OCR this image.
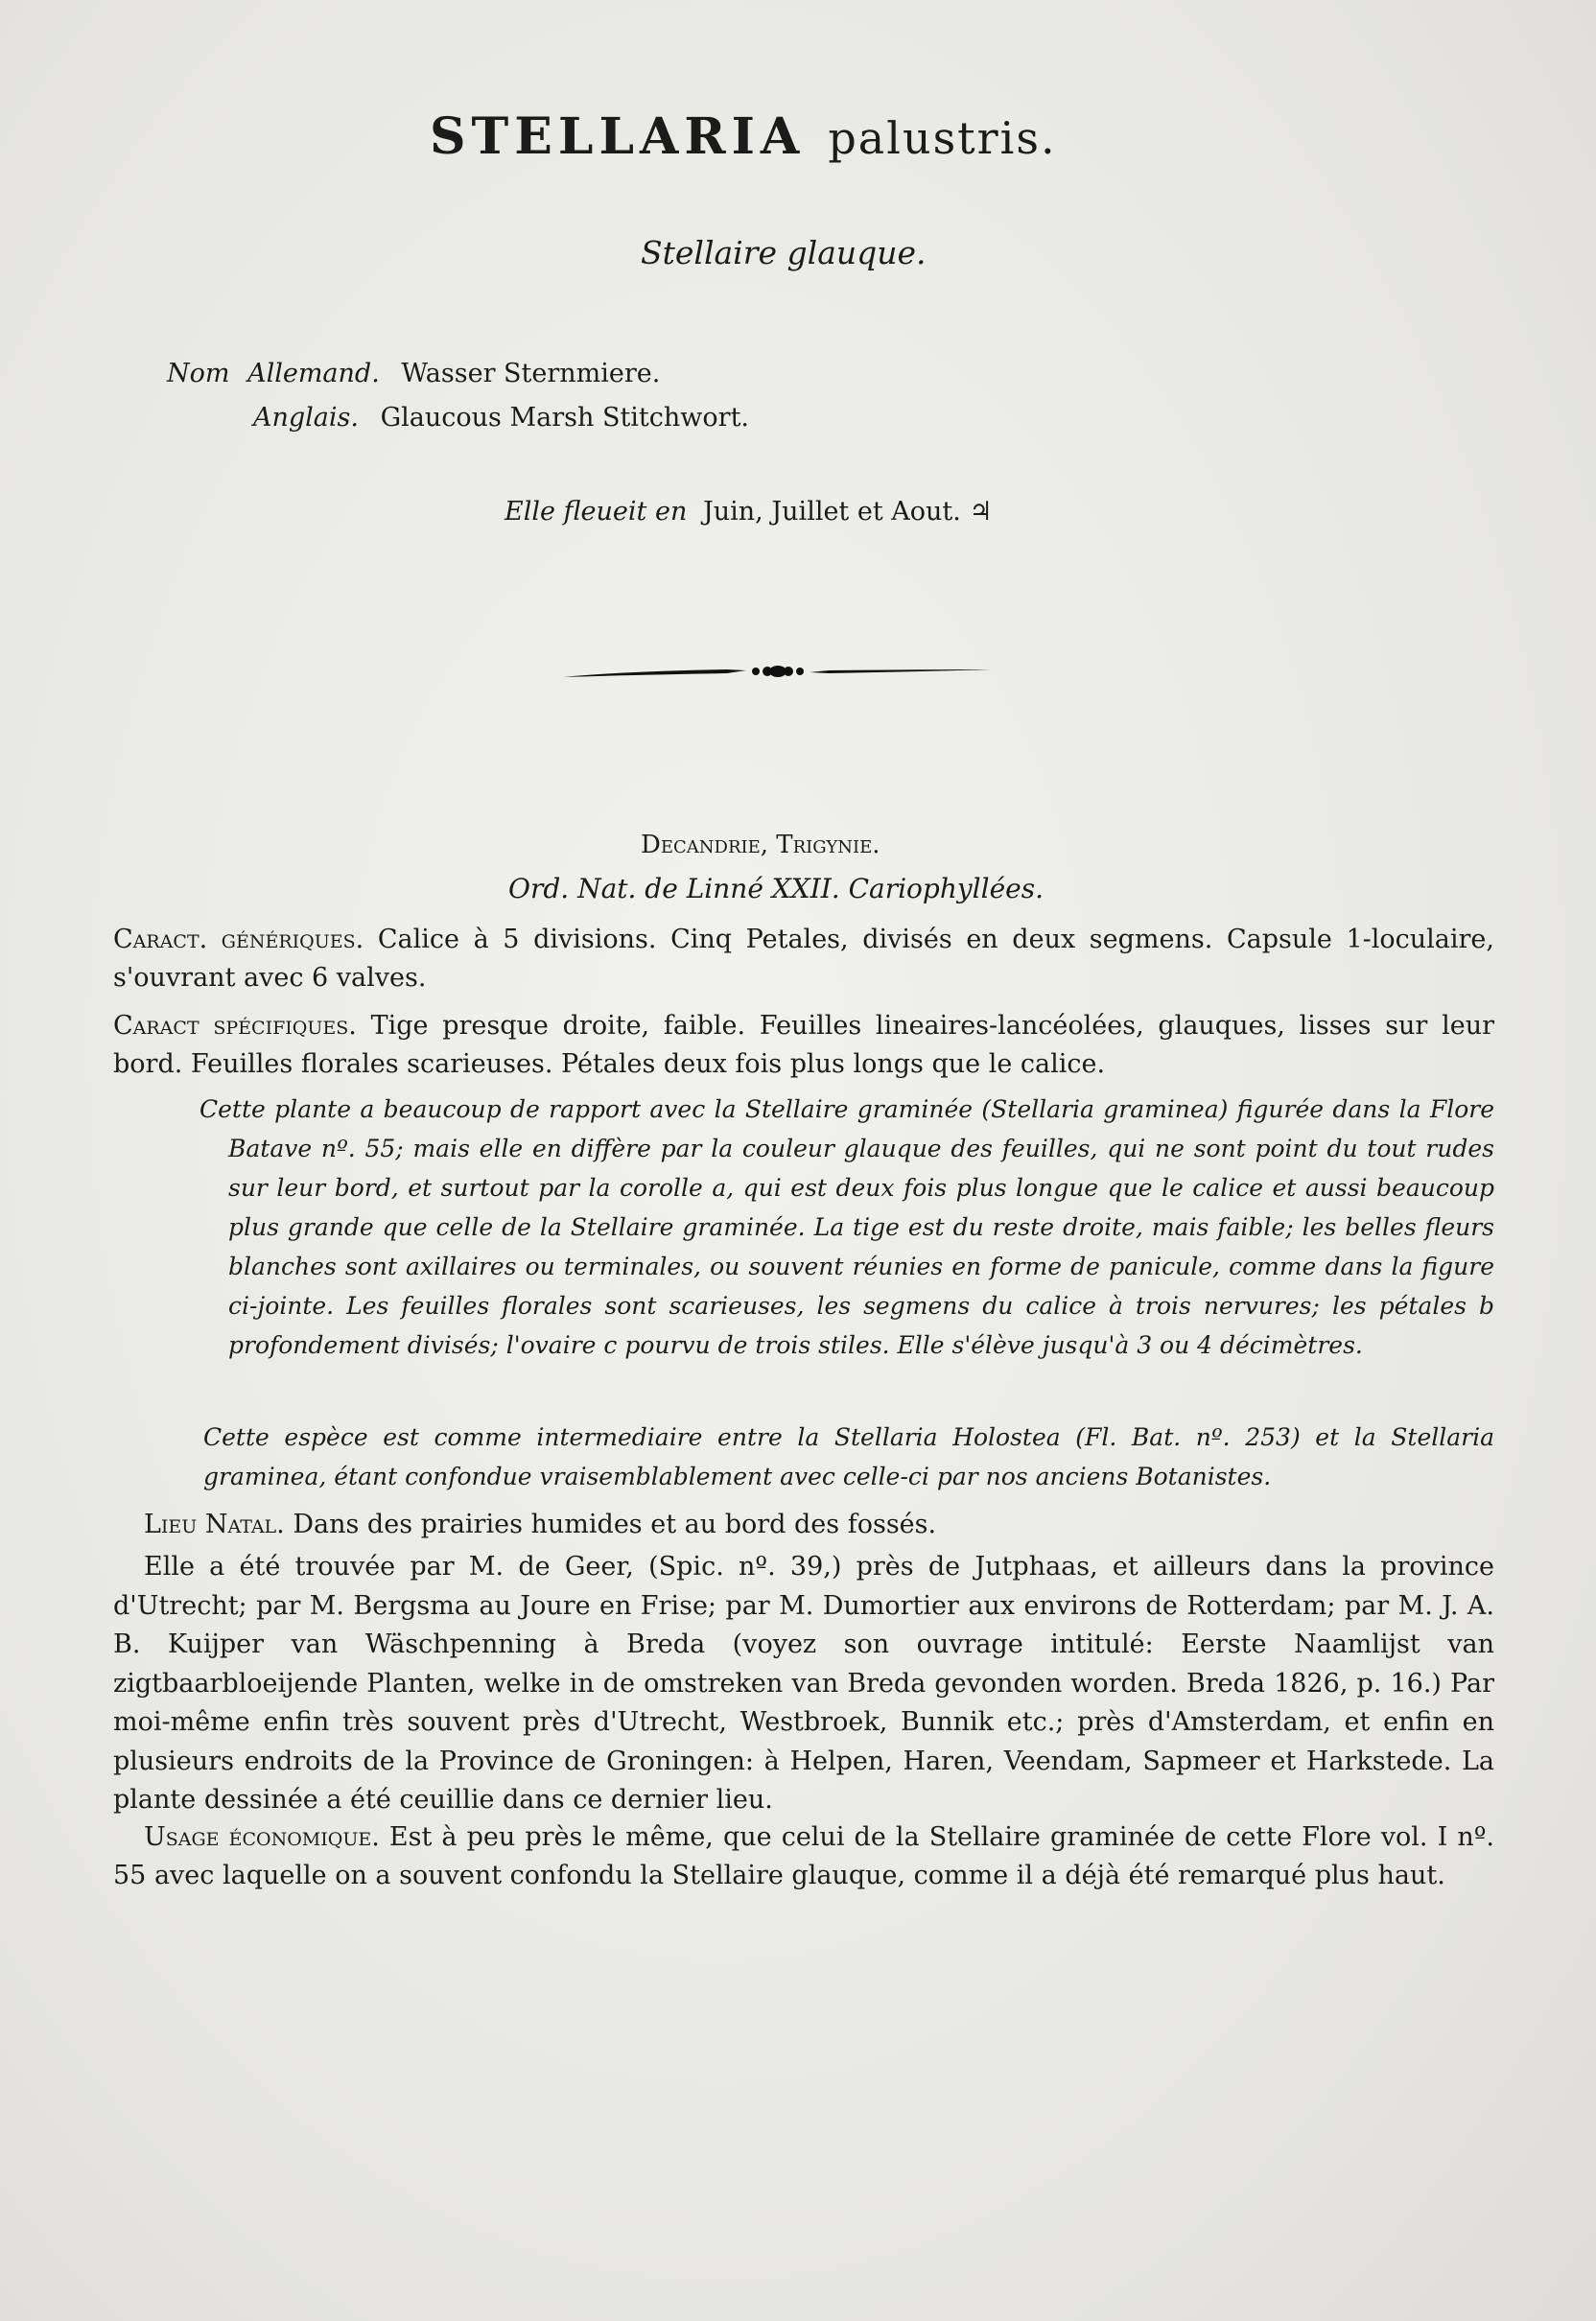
STELLARIA palustris.
Stellaire glauque.
Nom Allemand. Wasser Sternmiere.
Anglais. Glaucous Marsh Stitchwort.
Elle fleueit en Juin, Juillet et Aout. ♃
Decandrie, Trigynie.
Ord. Nat. de Linné XXII. Cariophyllées.
Caract. génériques. Calice à 5 divisions. Cinq Petales, divisés en deux segmens. Capsule 1-loculaire, s'ouvrant avec 6 valves.
Caract spécifiques. Tige presque droite, faible. Feuilles lineaires-lancéolées, glauques, lisses sur leur bord. Feuilles florales scarieuses. Pétales deux fois plus longs que le calice.
Cette plante a beaucoup de rapport avec la Stellaire graminée (Stellaria graminea) figurée dans la Flore Batave nº. 55; mais elle en diffère par la couleur glauque des feuilles, qui ne sont point du tout rudes sur leur bord, et surtout par la corolle a, qui est deux fois plus longue que le calice et aussi beaucoup plus grande que celle de la Stellaire graminée. La tige est du reste droite, mais faible; les belles fleurs blanches sont axillaires ou terminales, ou souvent réunies en forme de panicule, comme dans la figure ci-jointe. Les feuilles florales sont scarieuses, les segmens du calice à trois nervures; les pétales b profondement divisés; l'ovaire c pourvu de trois stiles. Elle s'élève jusqu'à 3 ou 4 décimètres.
Cette espèce est comme intermediaire entre la Stellaria Holostea (Fl. Bat. nº. 253) et la Stellaria graminea, étant confondue vraisemblablement avec celle-ci par nos anciens Botanistes.
Lieu Natal. Dans des prairies humides et au bord des fossés.
Elle a été trouvée par M. de Geer, (Spic. nº. 39,) près de Jutphaas, et ailleurs dans la province d'Utrecht; par M. Bergsma au Joure en Frise; par M. Dumortier aux environs de Rotterdam; par M. J. A. B. Kuijper van Wäschpenning à Breda (voyez son ouvrage intitulé: Eerste Naamlijst van zigtbaarbloeijende Planten, welke in de omstreken van Breda gevonden worden. Breda 1826, p. 16.) Par moi-même enfin très souvent près d'Utrecht, Westbroek, Bunnik etc.; près d'Amsterdam, et enfin en plusieurs endroits de la Province de Groningen: à Helpen, Haren, Veendam, Sapmeer et Harkstede. La plante dessinée a été ceuillie dans ce dernier lieu.
Usage économique. Est à peu près le même, que celui de la Stellaire graminée de cette Flore vol. I nº. 55 avec laquelle on a souvent confondu la Stellaire glauque, comme il a déjà été remarqué plus haut.
